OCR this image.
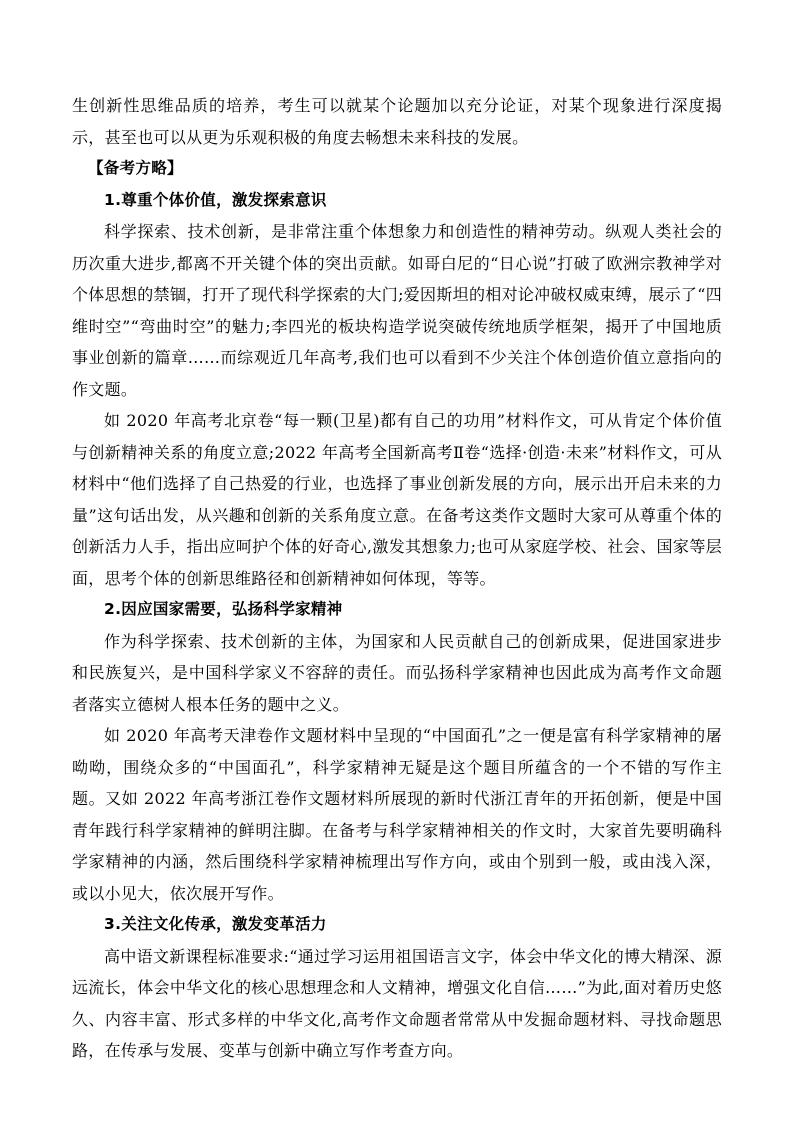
生创新性思维品质的培养，考生可以就某个论题加以充分论证，对某个现象进行深度揭示，甚至也可以从更为乐观积极的角度去畅想未来科技的发展。

【备考方略】

1.尊重个体价值，激发探索意识

科学探索、技术创新，是非常注重个体想象力和创造性的精神劳动。纵观人类社会的历次重大进步,都离不开关键个体的突出贡献。如哥白尼的“日心说”打破了欧洲宗教神学对个体思想的禁锢，打开了现代科学探索的大门;爱因斯坦的相对论冲破权威束缚，展示了“四维时空”“弯曲时空”的魅力;李四光的板块构造学说突破传统地质学框架，揭开了中国地质事业创新的篇章……而综观近几年高考,我们也可以看到不少关注个体创造价值立意指向的作文题。

如 2020 年高考北京卷“每一颗(卫星)都有自己的功用”材料作文，可从肯定个体价值与创新精神关系的角度立意;2022 年高考全国新高考Ⅱ卷“选择·创造·未来”材料作文，可从材料中“他们选择了自己热爱的行业，也选择了事业创新发展的方向，展示出开启未来的力量”这句话出发，从兴趣和创新的关系角度立意。在备考这类作文题时大家可从尊重个体的创新活力人手，指出应呵护个体的好奇心,激发其想象力;也可从家庭学校、社会、国家等层面，思考个体的创新思维路径和创新精神如何体现，等等。

2.因应国家需要，弘扬科学家精神

作为科学探索、技术创新的主体，为国家和人民贡献自己的创新成果，促进国家进步和民族复兴，是中国科学家义不容辞的责任。而弘扬科学家精神也因此成为高考作文命题者落实立德树人根本任务的题中之义。

如 2020 年高考天津卷作文题材料中呈现的“中国面孔”之一便是富有科学家精神的屠呦呦，围绕众多的“中国面孔”，科学家精神无疑是这个题目所蕴含的一个不错的写作主题。又如 2022 年高考浙江卷作文题材料所展现的新时代浙江青年的开拓创新，便是中国青年践行科学家精神的鲜明注脚。在备考与科学家精神相关的作文时，大家首先要明确科学家精神的内涵，然后围绕科学家精神梳理出写作方向，或由个别到一般，或由浅入深，或以小见大，依次展开写作。

3.关注文化传承，激发变革活力

高中语文新课程标准要求:“通过学习运用祖国语言文字，体会中华文化的博大精深、源远流长，体会中华文化的核心思想理念和人文精神，增强文化自信……”为此,面对着历史悠久、内容丰富、形式多样的中华文化,高考作文命题者常常从中发掘命题材料、寻找命题思路，在传承与发展、变革与创新中确立写作考查方向。
